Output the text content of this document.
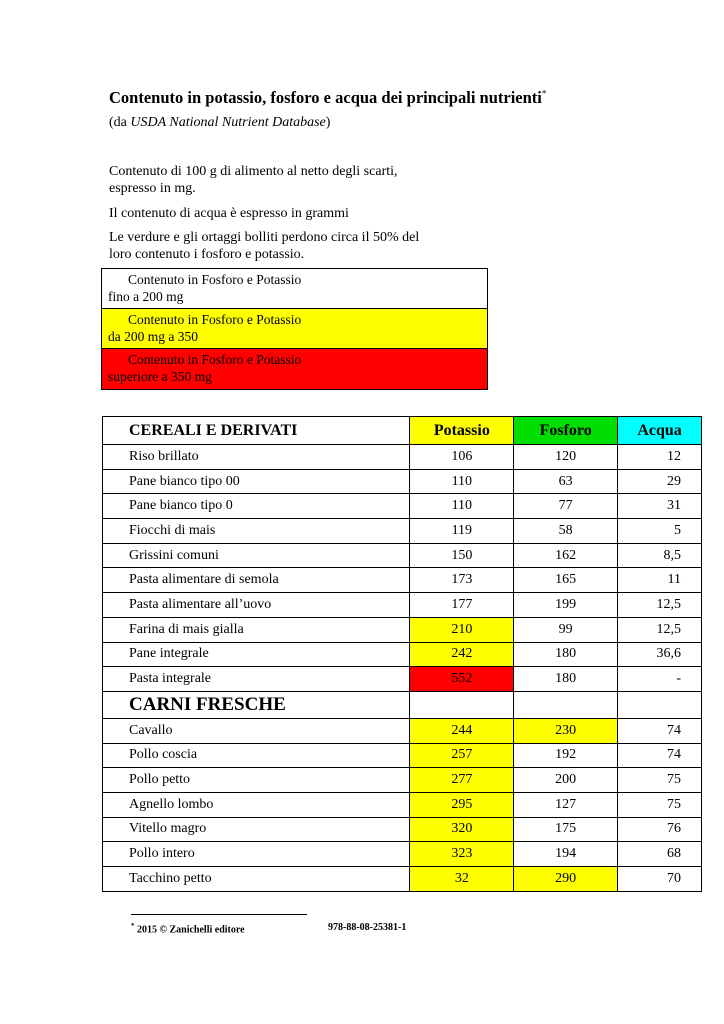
Contenuto in potassio, fosforo e acqua dei principali nutrienti*
(da USDA National Nutrient Database)
Contenuto di 100 g di alimento al netto degli scarti,
espresso in mg.
Il contenuto di acqua è espresso in grammi
Le verdure e gli ortaggi bolliti perdono circa il 50% del
loro contenuto i fosforo e potassio.
Contenuto in Fosforo e Potassio
fino a 200 mg
Contenuto in Fosforo e Potassio
da 200 mg a 350
Contenuto in Fosforo e Potassio
superiore a 350 mg
CEREALI E DERIVATI	Potassio	Fosforo	Acqua
Riso brillato	106	120	12
Pane bianco tipo 00	110	63	29
Pane bianco tipo 0	110	77	31
Fiocchi di mais	119	58	5
Grissini comuni	150	162	8,5
Pasta alimentare di semola	173	165	11
Pasta alimentare all’uovo	177	199	12,5
Farina di mais gialla	210	99	12,5
Pane integrale	242	180	36,6
Pasta integrale	552	180	-
CARNI FRESCHE			
Cavallo	244	230	74
Pollo coscia	257	192	74
Pollo petto	277	200	75
Agnello lombo	295	127	75
Vitello magro	320	175	76
Pollo intero	323	194	68
Tacchino petto	32	290	70
* 2015 © Zanichelli editore	978-88-08-25381-1
